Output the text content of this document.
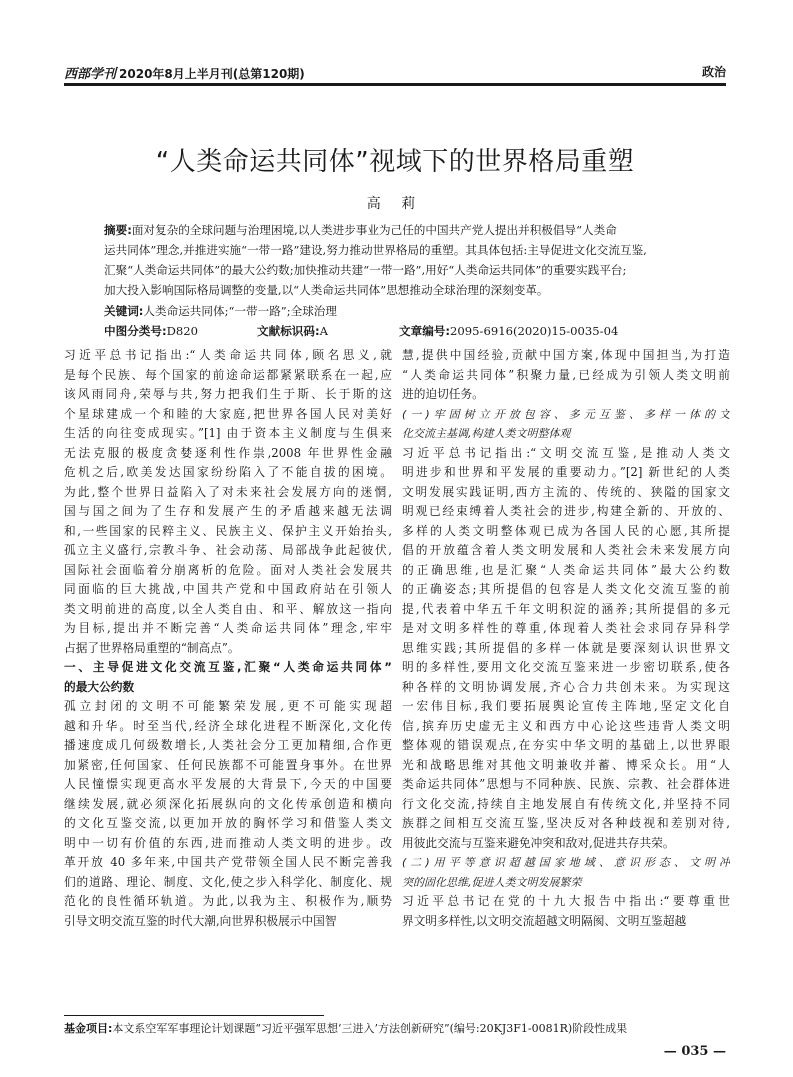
西部学刊 2020年8月上半月刊(总第120期)	政治
“人类命运共同体”视域下的世界格局重塑
高 莉

摘要:面对复杂的全球问题与治理困境,以人类进步事业为己任的中国共产党人提出并积极倡导“人类命

运共同体”理念,并推进实施“一带一路”建设,努力推动世界格局的重塑。其具体包括:主导促进文化交流互鉴,

汇聚“人类命运共同体”的最大公约数;加快推动共建“一带一路”,用好“人类命运共同体”的重要实践平台;

加大投入影响国际格局调整的变量,以“人类命运共同体”思想推动全球治理的深刻变革。

关键词:人类命运共同体;“一带一路”;全球治理
中图分类号:D820	文献标识码:A	文章编号:2095-6916(2020)15-0035-04

习近平总书记指出:“人类命运共同体,顾名思义,就
是每个民族、每个国家的前途命运都紧紧联系在一起,应
该风雨同舟,荣辱与共,努力把我们生于斯、长于斯的这
个星球建成一个和睦的大家庭,把世界各国人民对美好
生活的向往变成现实。”[1] 由于资本主义制度与生俱来
无法克服的极度贪婪逐利性作祟,2008 年世界性金融
危机之后,欧美发达国家纷纷陷入了不能自拔的困境。
为此,整个世界日益陷入了对未来社会发展方向的迷惘,
国与国之间为了生存和发展产生的矛盾越来越无法调
和,一些国家的民粹主义、民族主义、保护主义开始抬头,
孤立主义盛行,宗教斗争、社会动荡、局部战争此起彼伏,
国际社会面临着分崩离析的危险。面对人类社会发展共
同面临的巨大挑战,中国共产党和中国政府站在引领人
类文明前进的高度,以全人类自由、和平、解放这一指向
为目标,提出并不断完善“人类命运共同体”理念,牢牢
占据了世界格局重塑的“制高点”。

一、主导促进文化交流互鉴,汇聚“人类命运共同体”
的最大公约数

孤立封闭的文明不可能繁荣发展,更不可能实现超
越和升华。时至当代,经济全球化进程不断深化,文化传
播速度成几何级数增长,人类社会分工更加精细,合作更
加紧密,任何国家、任何民族都不可能置身事外。在世界
人民憧憬实现更高水平发展的大背景下,今天的中国要
继续发展,就必须深化拓展纵向的文化传承创造和横向
的文化互鉴交流,以更加开放的胸怀学习和借鉴人类文
明中一切有价值的东西,进而推动人类文明的进步。改
革开放 40 多年来,中国共产党带领全国人民不断完善我
们的道路、理论、制度、文化,使之步入科学化、制度化、规
范化的良性循环轨道。为此,以我为主、积极作为,顺势
引导文明交流互鉴的时代大潮,向世界积极展示中国智

慧,提供中国经验,贡献中国方案,体现中国担当,为打造
“人类命运共同体”积聚力量,已经成为引领人类文明前
进的迫切任务。

(一)牢固树立开放包容、多元互鉴、多样一体的文
化交流主基调,构建人类文明整体观

习近平总书记指出:“文明交流互鉴,是推动人类文
明进步和世界和平发展的重要动力。”[2] 新世纪的人类
文明发展实践证明,西方主流的、传统的、狭隘的国家文
明观已经束缚着人类社会的进步,构建全新的、开放的、
多样的人类文明整体观已成为各国人民的心愿,其所提
倡的开放蕴含着人类文明发展和人类社会未来发展方向
的正确思维,也是汇聚“人类命运共同体”最大公约数
的正确姿态;其所提倡的包容是人类文化交流互鉴的前
提,代表着中华五千年文明积淀的涵养;其所提倡的多元
是对文明多样性的尊重,体现着人类社会求同存异科学
思维实践;其所提倡的多样一体就是要深刻认识世界文
明的多样性,要用文化交流互鉴来进一步密切联系,使各
种各样的文明协调发展,齐心合力共创未来。为实现这
一宏伟目标,我们要拓展舆论宣传主阵地,坚定文化自
信,摈弃历史虚无主义和西方中心论这些违背人类文明
整体观的错误观点,在夯实中华文明的基础上,以世界眼
光和战略思维对其他文明兼收并蓄、博采众长。用“人
类命运共同体”思想与不同种族、民族、宗教、社会群体进
行文化交流,持续自主地发展自有传统文化,并坚持不同
族群之间相互交流互鉴,坚决反对各种歧视和差别对待,
用彼此交流与互鉴来避免冲突和敌对,促进共存共荣。

(二)用平等意识超越国家地域、意识形态、文明冲
突的固化思维,促进人类文明发展繁荣

习近平总书记在党的十九大报告中指出:“要尊重世
界文明多样性,以文明交流超越文明隔阂、文明互鉴超越

基金项目:本文系空军军事理论计划课题“习近平强军思想‘三进入’方法创新研究”(编号:20KJ3F1-0081R)阶段性成果
— 035 —
